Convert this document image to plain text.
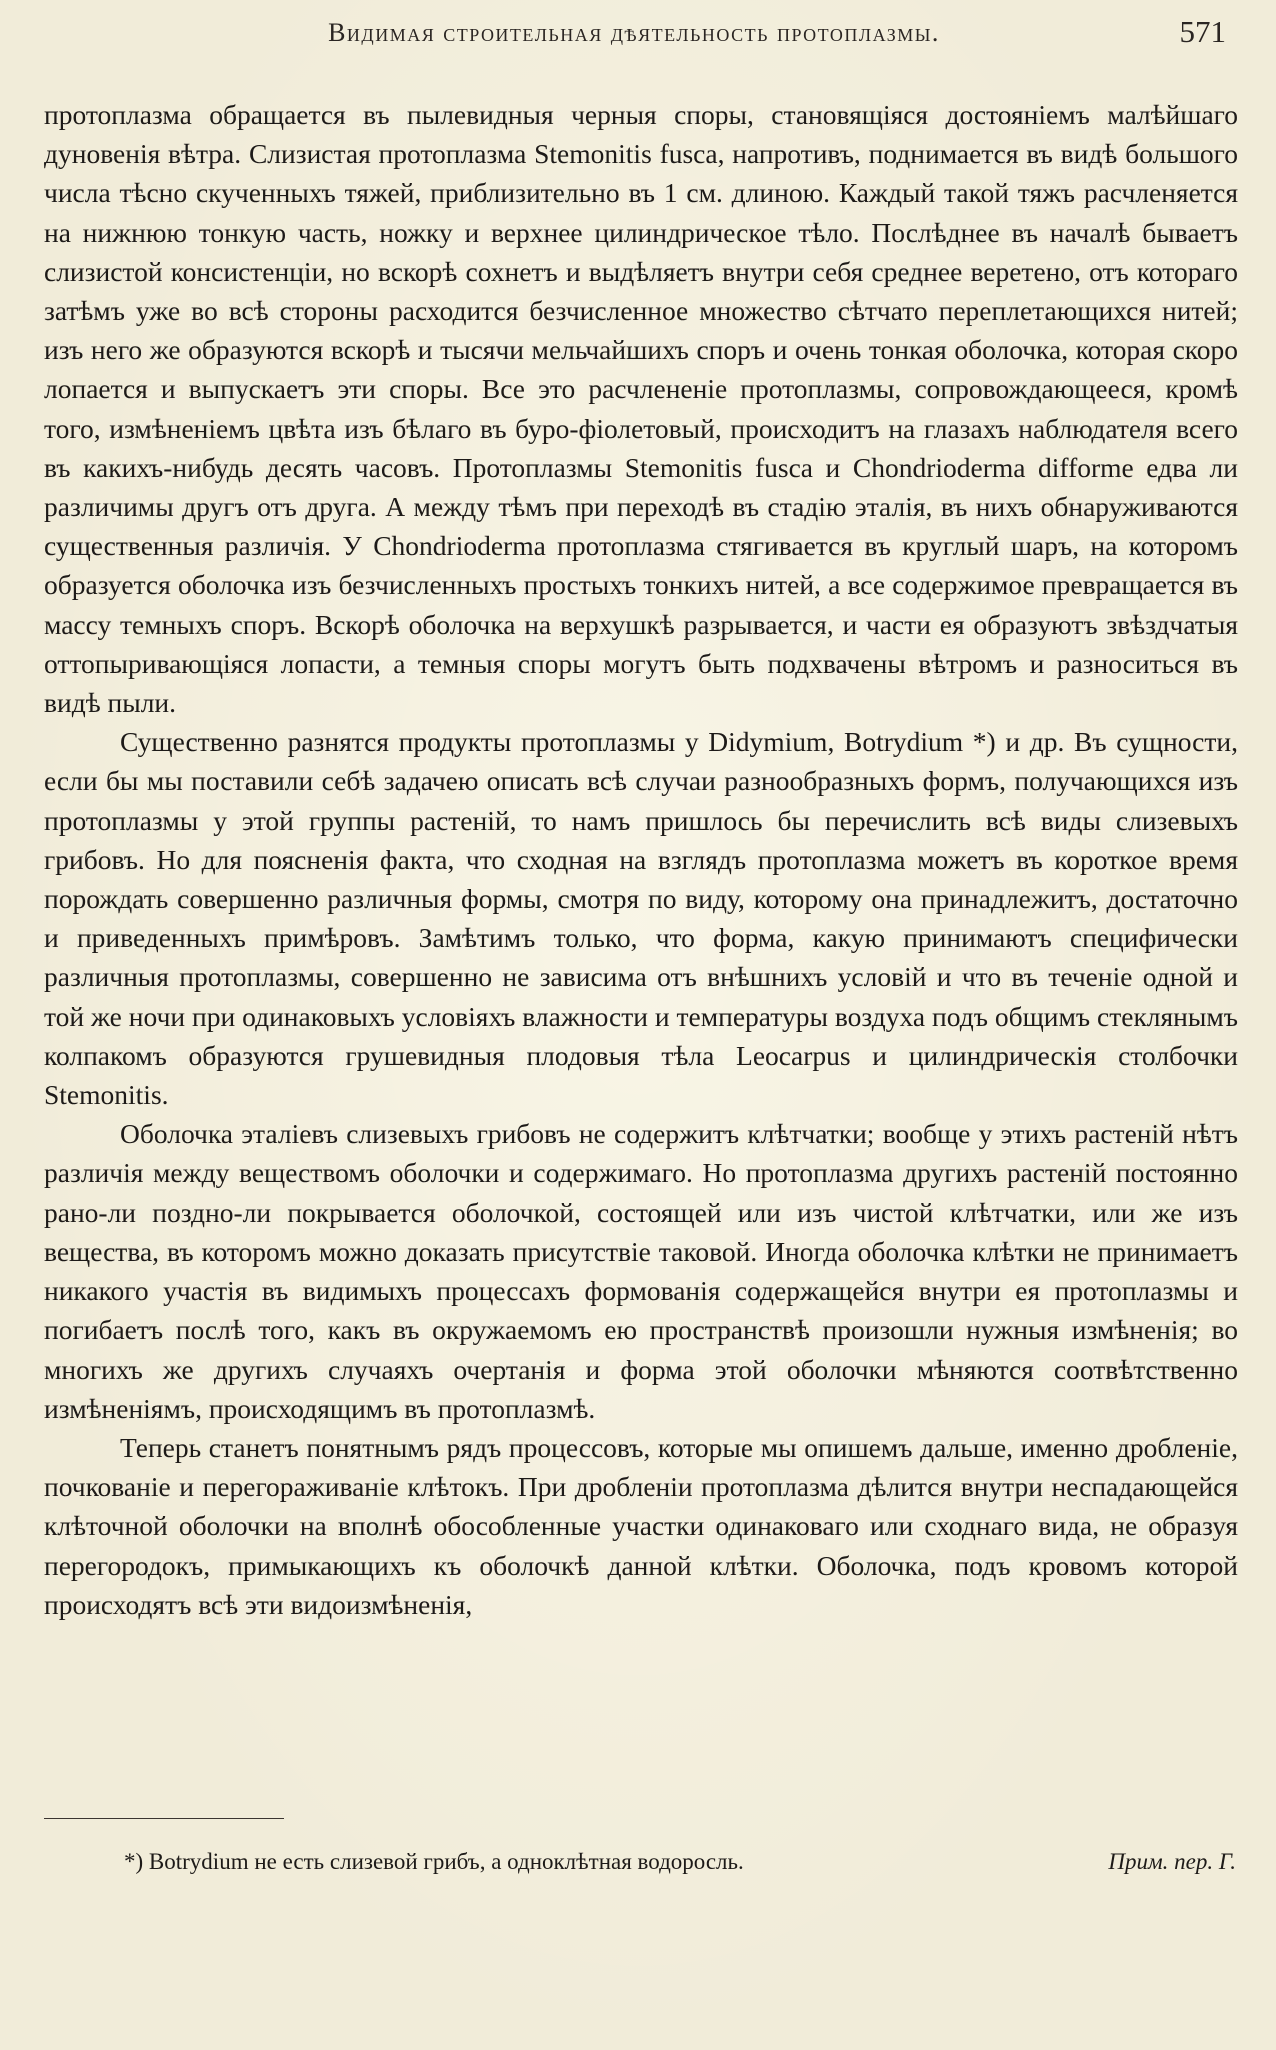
Видимая строительная дѣятельность протоплазмы.	571

протоплазма обращается въ пылевидныя черныя споры, становящіяся достояніемъ малѣйшаго дуновенія вѣтра. Слизистая протоплазма Stemonitis fusca, напротивъ, поднимается въ видѣ большого числа тѣсно скученныхъ тяжей, приблизительно въ 1 см. длиною. Каждый такой тяжъ расчленяется на нижнюю тонкую часть, ножку и верхнее цилиндрическое тѣло. Послѣднее въ началѣ бываетъ слизистой консистенціи, но вскорѣ сохнетъ и выдѣляетъ внутри себя среднее веретено, отъ котораго затѣмъ уже во всѣ стороны расходится безчисленное множество сѣтчато переплетающихся нитей; изъ него же образуются вскорѣ и тысячи мельчайшихъ споръ и очень тонкая оболочка, которая скоро лопается и выпускаетъ эти споры. Все это расчлененіе протоплазмы, сопровождающееся, кромѣ того, измѣненіемъ цвѣта изъ бѣлаго въ буро-фіолетовый, происходитъ на глазахъ наблюдателя всего въ какихъ-нибудь десять часовъ. Протоплазмы Stemonitis fusca и Chondrioderma difforme едва ли различимы другъ отъ друга. А между тѣмъ при переходѣ въ стадію эталія, въ нихъ обнаруживаются существенныя различія. У Chondrioderma протоплазма стягивается въ круглый шаръ, на которомъ образуется оболочка изъ безчисленныхъ простыхъ тонкихъ нитей, а все содержимое превращается въ массу темныхъ споръ. Вскорѣ оболочка на верхушкѣ разрывается, и части ея образуютъ звѣздчатыя оттопыривающіяся лопасти, а темныя споры могутъ быть подхвачены вѣтромъ и разноситься въ видѣ пыли.

Существенно разнятся продукты протоплазмы у Didymium, Botrydium *) и др. Въ сущности, если бы мы поставили себѣ задачею описать всѣ случаи разнообразныхъ формъ, получающихся изъ протоплазмы у этой группы растеній, то намъ пришлось бы перечислить всѣ виды слизевыхъ грибовъ. Но для поясненія факта, что сходная на взглядъ протоплазма можетъ въ короткое время порождать совершенно различныя формы, смотря по виду, которому она принадлежитъ, достаточно и приведенныхъ примѣровъ. Замѣтимъ только, что форма, какую принимаютъ специфически различныя протоплазмы, совершенно не зависима отъ внѣшнихъ условій и что въ теченіе одной и той же ночи при одинаковыхъ условіяхъ влажности и температуры воздуха подъ общимъ стеклянымъ колпакомъ образуются грушевидныя плодовыя тѣла Leocarpus и цилиндрическія столбочки Stemonitis.

Оболочка эталіевъ слизевыхъ грибовъ не содержитъ клѣтчатки; вообще у этихъ растеній нѣтъ различія между веществомъ оболочки и содержимаго. Но протоплазма другихъ растеній постоянно рано-ли поздно-ли покрывается оболочкой, состоящей или изъ чистой клѣтчатки, или же изъ вещества, въ которомъ можно доказать присутствіе таковой. Иногда оболочка клѣтки не принимаетъ никакого участія въ видимыхъ процессахъ формованія содержащейся внутри ея протоплазмы и погибаетъ послѣ того, какъ въ окружаемомъ ею пространствѣ произошли нужныя измѣненія; во многихъ же другихъ случаяхъ очертанія и форма этой оболочки мѣняются соотвѣтственно измѣненіямъ, происходящимъ въ протоплазмѣ.

Теперь станетъ понятнымъ рядъ процессовъ, которые мы опишемъ дальше, именно дробленіе, почкованіе и перегораживаніе клѣтокъ. При дробленіи протоплазма дѣлится внутри неспадающейся клѣточной оболочки на вполнѣ обособленные участки одинаковаго или сходнаго вида, не образуя перегородокъ, примыкающихъ къ оболочкѣ данной клѣтки. Оболочка, подъ кровомъ которой происходятъ всѣ эти видоизмѣненія,

*) Botrydium не есть слизевой грибъ, а одноклѣтная водоросль.	Прим. пер. Г.
